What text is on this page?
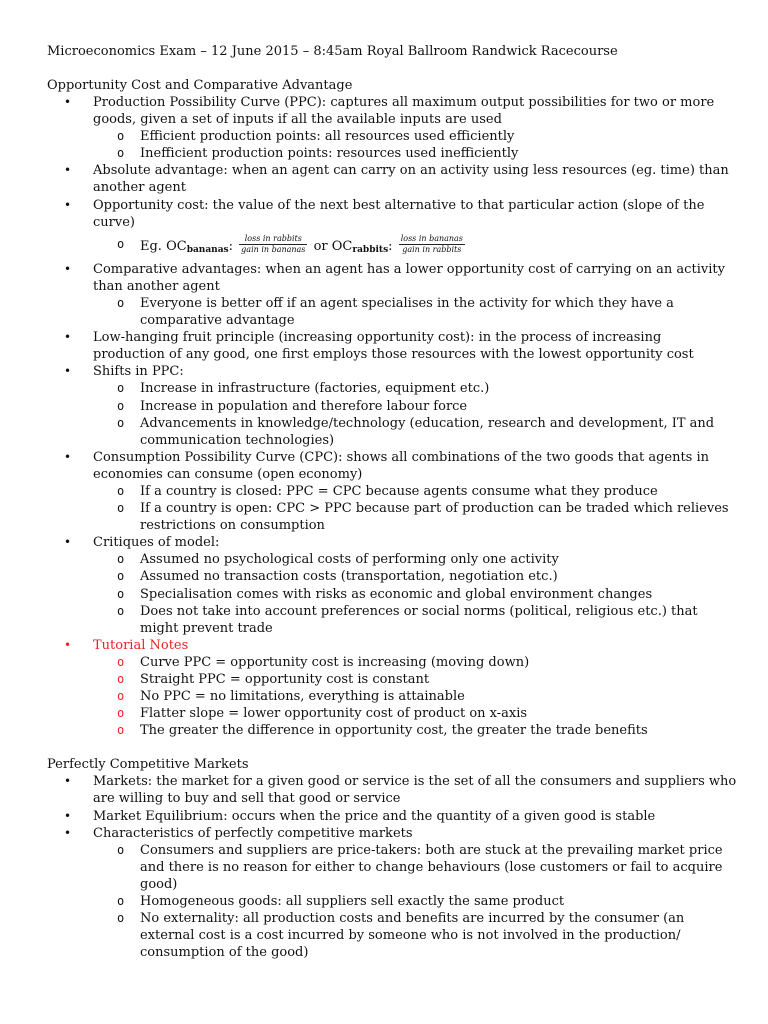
Microeconomics Exam – 12 June 2015 – 8:45am Royal Ballroom Randwick Racecourse
Opportunity Cost and Comparative Advantage
• Production Possibility Curve (PPC): captures all maximum output possibilities for two or more goods, given a set of inputs if all the available inputs are used
o Efficient production points: all resources used efficiently
o Inefficient production points: resources used inefficiently
• Absolute advantage: when an agent can carry on an activity using less resources (eg. time) than another agent
• Opportunity cost: the value of the next best alternative to that particular action (slope of the curve)
o Eg. OCbananas: $\frac{\text{loss in rabbits}}{\text{gain in bananas}}$ or OCrabbits: $\frac{\text{loss in bananas}}{\text{gain in rabbits}}$
• Comparative advantages: when an agent has a lower opportunity cost of carrying on an activity than another agent
o Everyone is better off if an agent specialises in the activity for which they have a comparative advantage
• Low-hanging fruit principle (increasing opportunity cost): in the process of increasing production of any good, one first employs those resources with the lowest opportunity cost
• Shifts in PPC:
o Increase in infrastructure (factories, equipment etc.)
o Increase in population and therefore labour force
o Advancements in knowledge/technology (education, research and development, IT and communication technologies)
• Consumption Possibility Curve (CPC): shows all combinations of the two goods that agents in economies can consume (open economy)
o If a country is closed: PPC = CPC because agents consume what they produce
o If a country is open: CPC > PPC because part of production can be traded which relieves restrictions on consumption
• Critiques of model:
o Assumed no psychological costs of performing only one activity
o Assumed no transaction costs (transportation, negotiation etc.)
o Specialisation comes with risks as economic and global environment changes
o Does not take into account preferences or social norms (political, religious etc.) that might prevent trade
• Tutorial Notes
o Curve PPC = opportunity cost is increasing (moving down)
o Straight PPC = opportunity cost is constant
o No PPC = no limitations, everything is attainable
o Flatter slope = lower opportunity cost of product on x-axis
o The greater the difference in opportunity cost, the greater the trade benefits
Perfectly Competitive Markets
• Markets: the market for a given good or service is the set of all the consumers and suppliers who are willing to buy and sell that good or service
• Market Equilibrium: occurs when the price and the quantity of a given good is stable
• Characteristics of perfectly competitive markets
o Consumers and suppliers are price-takers: both are stuck at the prevailing market price and there is no reason for either to change behaviours (lose customers or fail to acquire good)
o Homogeneous goods: all suppliers sell exactly the same product
o No externality: all production costs and benefits are incurred by the consumer (an external cost is a cost incurred by someone who is not involved in the production/ consumption of the good)
